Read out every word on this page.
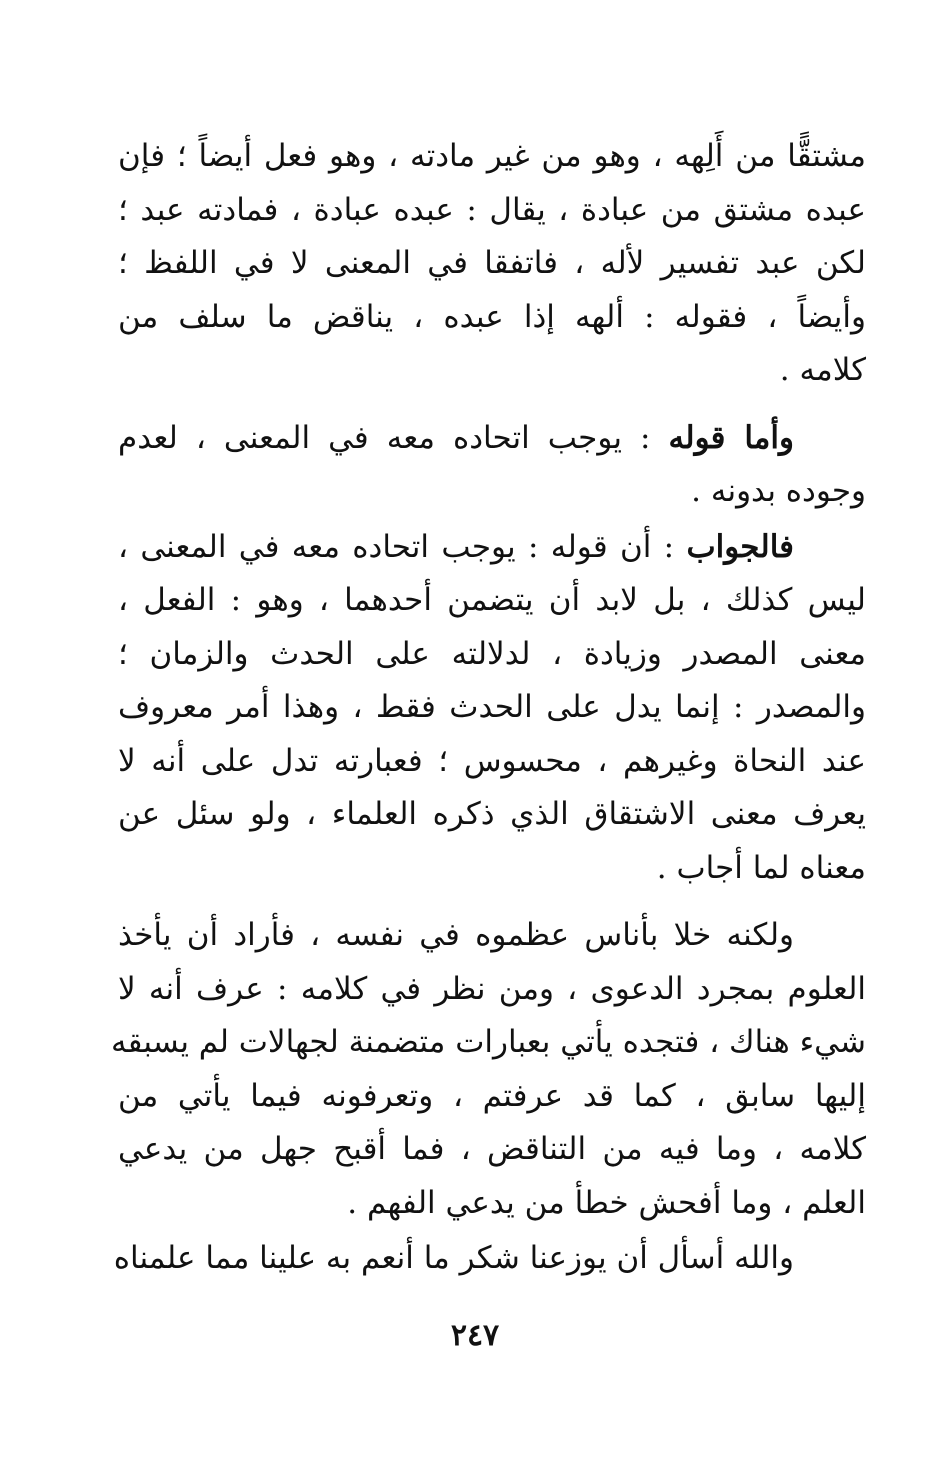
مشتقًّا من أَلِهه ، وهو من غير مادته ، وهو فعل أيضاً ؛ فإن
عبده مشتق من عبادة ، يقال : عبده عبادة ، فمادته عبد ؛
لكن عبد تفسير لأله ، فاتفقا في المعنى لا في اللفظ ؛
وأيضاً ، فقوله : ألهه إذا عبده ، يناقض ما سلف من
كلامه .

وأما قوله : يوجب اتحاده معه في المعنى ، لعدم
وجوده بدونه .

فالجواب : أن قوله : يوجب اتحاده معه في المعنى ،
ليس كذلك ، بل لابد أن يتضمن أحدهما ، وهو : الفعل ،
معنى المصدر وزيادة ، لدلالته على الحدث والزمان ؛
والمصدر : إنما يدل على الحدث فقط ، وهذا أمر معروف
عند النحاة وغيرهم ، محسوس ؛ فعبارته تدل على أنه لا
يعرف معنى الاشتقاق الذي ذكره العلماء ، ولو سئل عن
معناه لما أجاب .

ولكنه خلا بأناس عظموه في نفسه ، فأراد أن يأخذ
العلوم بمجرد الدعوى ، ومن نظر في كلامه : عرف أنه لا
شيء هناك ، فتجده يأتي بعبارات متضمنة لجهالات لم يسبقه
إليها سابق ، كما قد عرفتم ، وتعرفونه فيما يأتي من
كلامه ، وما فيه من التناقض ، فما أقبح جهل من يدعي
العلم ، وما أفحش خطأ من يدعي الفهم .

والله أسأل أن يوزعنا شكر ما أنعم به علينا مما علمناه

٢٤٧
